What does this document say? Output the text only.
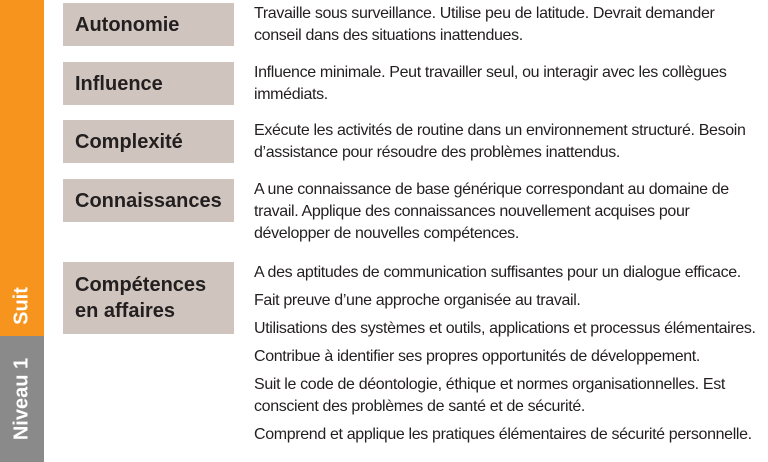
Suit
Niveau 1
Autonomie	Travaille sous surveillance. Utilise peu de latitude. Devrait demander
conseil dans des situations inattendues.
Influence	Influence minimale. Peut travailler seul, ou interagir avec les collègues
immédiats.
Complexité	Exécute les activités de routine dans un environnement structuré. Besoin
d’assistance pour résoudre des problèmes inattendus.
Connaissances A une connaissance de base générique correspondant au domaine de
travail. Applique des connaissances nouvellement acquises pour
développer de nouvelles compétences.
Compétences
en affaires
A des aptitudes de communication suffisantes pour un dialogue efficace.
Fait preuve d’une approche organisée au travail.
Utilisations des systèmes et outils, applications et processus élémentaires.
Contribue à identifier ses propres opportunités de développement.
Suit le code de déontologie, éthique et normes organisationnelles. Est
conscient des problèmes de santé et de sécurité.
Comprend et applique les pratiques élémentaires de sécurité personnelle.
